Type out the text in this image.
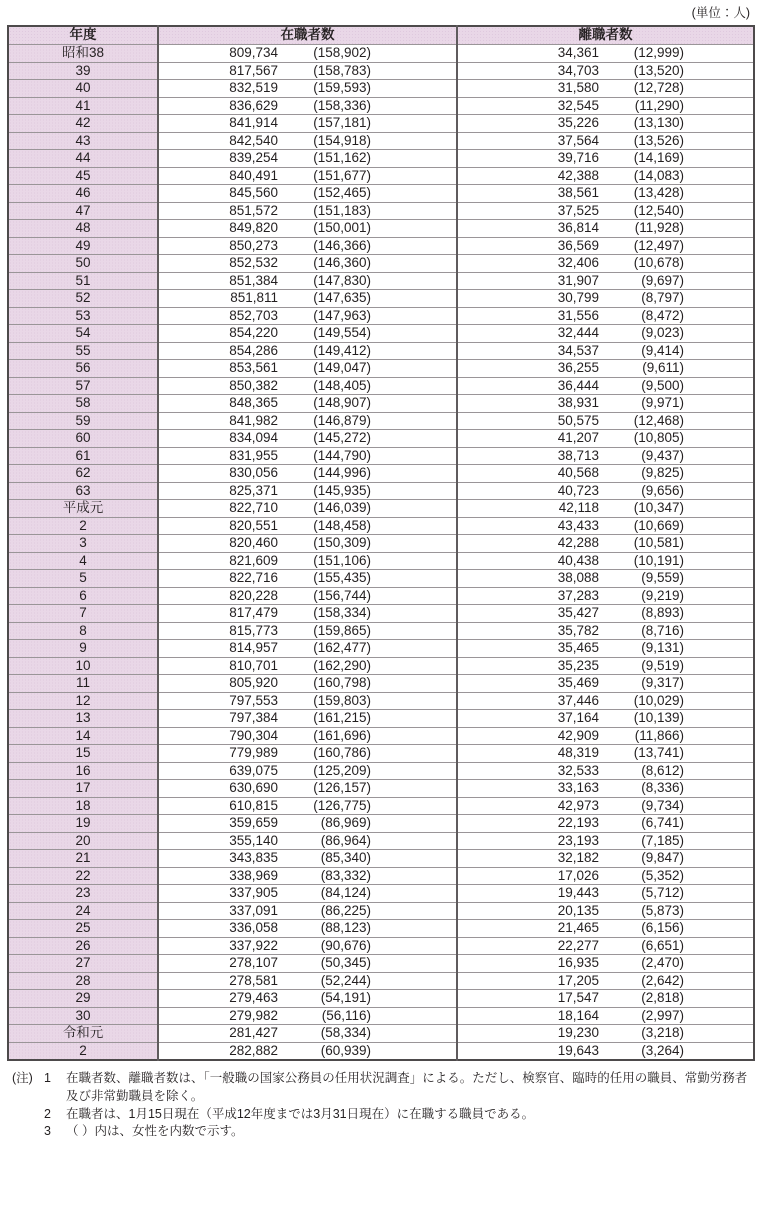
(単位：人)
年度	在職者数	離職者数
昭和38	809,734 (158,902)	34,361 (12,999)
39	817,567 (158,783)	34,703 (13,520)
40	832,519 (159,593)	31,580 (12,728)
41	836,629 (158,336)	32,545 (11,290)
42	841,914 (157,181)	35,226 (13,130)
43	842,540 (154,918)	37,564 (13,526)
44	839,254 (151,162)	39,716 (14,169)
45	840,491 (151,677)	42,388 (14,083)
46	845,560 (152,465)	38,561 (13,428)
47	851,572 (151,183)	37,525 (12,540)
48	849,820 (150,001)	36,814 (11,928)
49	850,273 (146,366)	36,569 (12,497)
50	852,532 (146,360)	32,406 (10,678)
51	851,384 (147,830)	31,907 (9,697)
52	851,811 (147,635)	30,799 (8,797)
53	852,703 (147,963)	31,556 (8,472)
54	854,220 (149,554)	32,444 (9,023)
55	854,286 (149,412)	34,537 (9,414)
56	853,561 (149,047)	36,255 (9,611)
57	850,382 (148,405)	36,444 (9,500)
58	848,365 (148,907)	38,931 (9,971)
59	841,982 (146,879)	50,575 (12,468)
60	834,094 (145,272)	41,207 (10,805)
61	831,955 (144,790)	38,713 (9,437)
62	830,056 (144,996)	40,568 (9,825)
63	825,371 (145,935)	40,723 (9,656)
平成元	822,710 (146,039)	42,118 (10,347)
2	820,551 (148,458)	43,433 (10,669)
3	820,460 (150,309)	42,288 (10,581)
4	821,609 (151,106)	40,438 (10,191)
5	822,716 (155,435)	38,088 (9,559)
6	820,228 (156,744)	37,283 (9,219)
7	817,479 (158,334)	35,427 (8,893)
8	815,773 (159,865)	35,782 (8,716)
9	814,957 (162,477)	35,465 (9,131)
10	810,701 (162,290)	35,235 (9,519)
11	805,920 (160,798)	35,469 (9,317)
12	797,553 (159,803)	37,446 (10,029)
13	797,384 (161,215)	37,164 (10,139)
14	790,304 (161,696)	42,909 (11,866)
15	779,989 (160,786)	48,319 (13,741)
16	639,075 (125,209)	32,533 (8,612)
17	630,690 (126,157)	33,163 (8,336)
18	610,815 (126,775)	42,973 (9,734)
19	359,659 (86,969)	22,193 (6,741)
20	355,140 (86,964)	23,193 (7,185)
21	343,835 (85,340)	32,182 (9,847)
22	338,969 (83,332)	17,026 (5,352)
23	337,905 (84,124)	19,443 (5,712)
24	337,091 (86,225)	20,135 (5,873)
25	336,058 (88,123)	21,465 (6,156)
26	337,922 (90,676)	22,277 (6,651)
27	278,107 (50,345)	16,935 (2,470)
28	278,581 (52,244)	17,205 (2,642)
29	279,463 (54,191)	17,547 (2,818)
30	279,982 (56,116)	18,164 (2,997)
令和元	281,427 (58,334)	19,230 (3,218)
2	282,882 (60,939)	19,643 (3,264)
(注) 1	在職者数、離職者数は、「一般職の国家公務員の任用状況調査」による。ただし、検察官、臨時的任用の職員、常勤労務者及び非常勤職員を除く。
2	在職者は、1月15日現在（平成12年度までは3月31日現在）に在職する職員である。
3	（ ）内は、女性を内数で示す。
